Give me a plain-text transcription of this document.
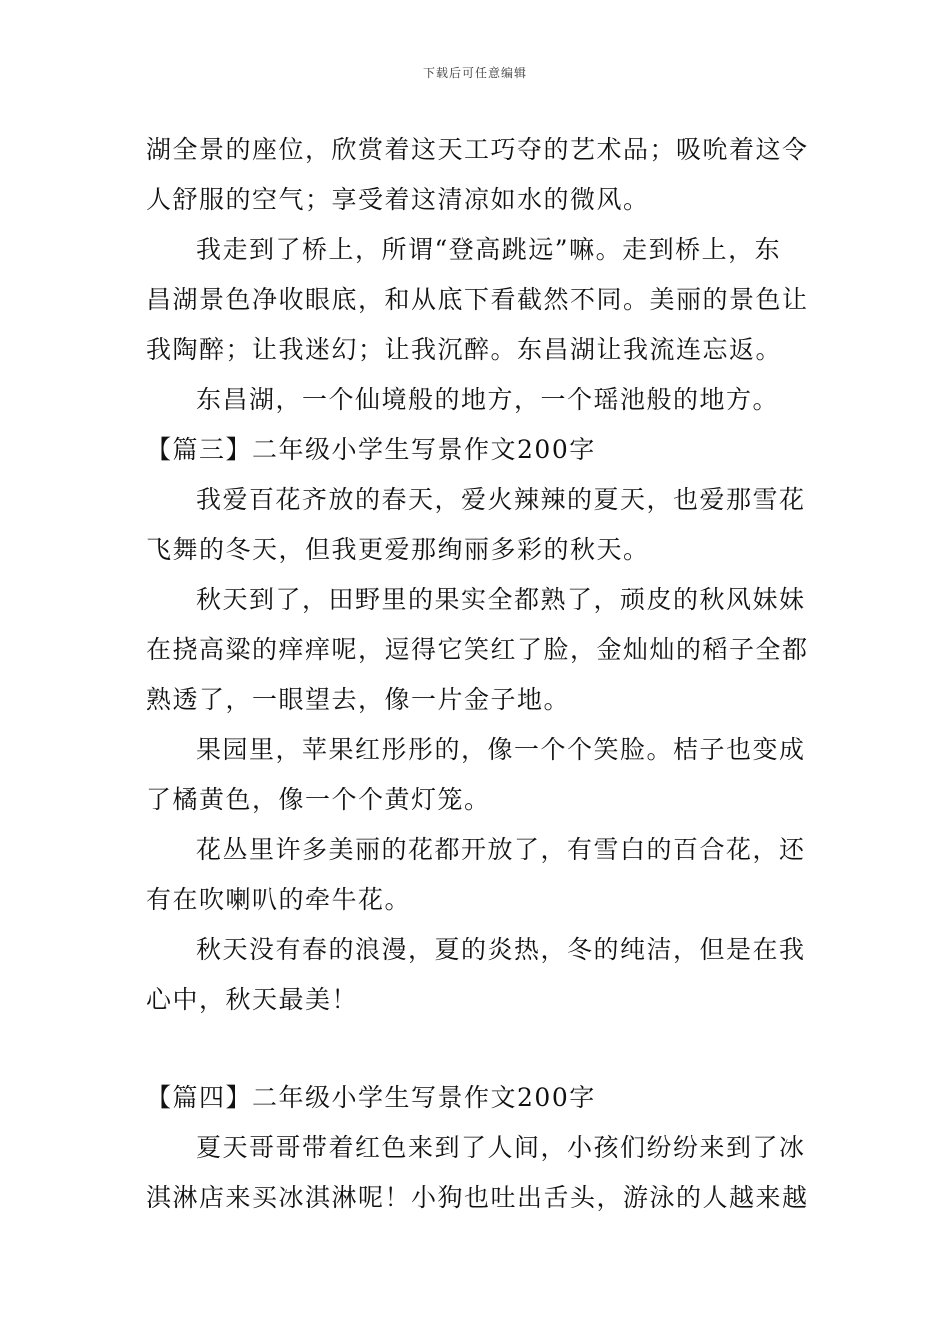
下载后可任意编辑
湖全景的座位，欣赏着这天工巧夺的艺术品；吸吮着这令
人舒服的空气；享受着这清凉如水的微风。
我走到了桥上，所谓“登高跳远”嘛。走到桥上，东
昌湖景色净收眼底，和从底下看截然不同。美丽的景色让
我陶醉；让我迷幻；让我沉醉。东昌湖让我流连忘返。
东昌湖，一个仙境般的地方，一个瑶池般的地方。
【篇三】二年级小学生写景作文200字
我爱百花齐放的春天，爱火辣辣的夏天，也爱那雪花
飞舞的冬天，但我更爱那绚丽多彩的秋天。
秋天到了，田野里的果实全都熟了，顽皮的秋风妹妹
在挠高粱的痒痒呢，逗得它笑红了脸，金灿灿的稻子全都
熟透了，一眼望去，像一片金子地。
果园里，苹果红彤彤的，像一个个笑脸。桔子也变成
了橘黄色，像一个个黄灯笼。
花丛里许多美丽的花都开放了，有雪白的百合花，还
有在吹喇叭的牵牛花。
秋天没有春的浪漫，夏的炎热，冬的纯洁，但是在我
心中，秋天最美！
【篇四】二年级小学生写景作文200字
夏天哥哥带着红色来到了人间，小孩们纷纷来到了冰
淇淋店来买冰淇淋呢！小狗也吐出舌头，游泳的人越来越
